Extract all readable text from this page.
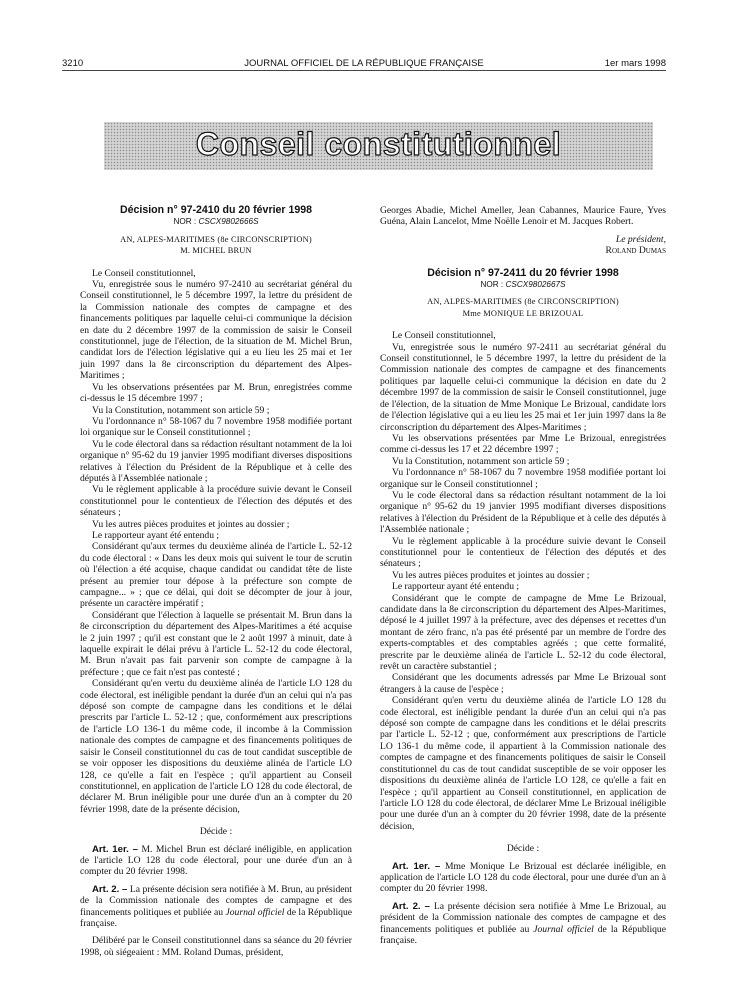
3210	JOURNAL OFFICIEL DE LA RÉPUBLIQUE FRANÇAISE	1er mars 1998
Conseil constitutionnel

Décision n° 97-2410 du 20 février 1998

NOR : CSCX9802666S

AN, ALPES-MARITIMES (8e CIRCONSCRIPTION)

M. MICHEL BRUN

Le Conseil constitutionnel,

Vu, enregistrée sous le numéro 97-2410 au secrétariat général du Conseil constitutionnel, le 5 décembre 1997, la lettre du président de la Commission nationale des comptes de campagne et des financements politiques par laquelle celui-ci communique la décision en date du 2 décembre 1997 de la commission de saisir le Conseil constitutionnel, juge de l'élection, de la situation de M. Michel Brun, candidat lors de l'élection législative qui a eu lieu les 25 mai et 1er juin 1997 dans la 8e circonscription du département des Alpes-Maritimes ;

Vu les observations présentées par M. Brun, enregistrées comme ci-dessus le 15 décembre 1997 ;

Vu la Constitution, notamment son article 59 ;

Vu l'ordonnance n° 58-1067 du 7 novembre 1958 modifiée portant loi organique sur le Conseil constitutionnel ;

Vu le code électoral dans sa rédaction résultant notamment de la loi organique n° 95-62 du 19 janvier 1995 modifiant diverses dispositions relatives à l'élection du Président de la République et à celle des députés à l'Assemblée nationale ;

Vu le règlement applicable à la procédure suivie devant le Conseil constitutionnel pour le contentieux de l'élection des députés et des sénateurs ;

Vu les autres pièces produites et jointes au dossier ;

Le rapporteur ayant été entendu ;

Considérant qu'aux termes du deuxième alinéa de l'article L. 52-12 du code électoral : « Dans les deux mois qui suivent le tour de scrutin où l'élection a été acquise, chaque candidat ou candidat tête de liste présent au premier tour dépose à la préfecture son compte de campagne... » ; que ce délai, qui doit se décompter de jour à jour, présente un caractère impératif ;

Considérant que l'élection à laquelle se présentait M. Brun dans la 8e circonscription du département des Alpes-Maritimes a été acquise le 2 juin 1997 ; qu'il est constant que le 2 août 1997 à minuit, date à laquelle expirait le délai prévu à l'article L. 52-12 du code électoral, M. Brun n'avait pas fait parvenir son compte de campagne à la préfecture ; que ce fait n'est pas contesté ;

Considérant qu'en vertu du deuxième alinéa de l'article LO 128 du code électoral, est inéligible pendant la durée d'un an celui qui n'a pas déposé son compte de campagne dans les conditions et le délai prescrits par l'article L. 52-12 ; que, conformément aux prescriptions de l'article LO 136-1 du même code, il incombe à la Commission nationale des comptes de campagne et des financements politiques de saisir le Conseil constitutionnel du cas de tout candidat susceptible de se voir opposer les dispositions du deuxième alinéa de l'article LO 128, ce qu'elle a fait en l'espèce ; qu'il appartient au Conseil constitutionnel, en application de l'article LO 128 du code électoral, de déclarer M. Brun inéligible pour une durée d'un an à compter du 20 février 1998, date de la présente décision,

Décide :

Art. 1er. – M. Michel Brun est déclaré inéligible, en application de l'article LO 128 du code électoral, pour une durée d'un an à compter du 20 février 1998.

Art. 2. – La présente décision sera notifiée à M. Brun, au président de la Commission nationale des comptes de campagne et des financements politiques et publiée au Journal officiel de la République française.

Délibéré par le Conseil constitutionnel dans sa séance du 20 février 1998, où siégeaient : MM. Roland Dumas, président,

Georges Abadie, Michel Ameller, Jean Cabannes, Maurice Faure, Yves Guéna, Alain Lancelot, Mme Noëlle Lenoir et M. Jacques Robert.

Le président,

Roland Dumas

Décision n° 97-2411 du 20 février 1998

NOR : CSCX9802667S

AN, ALPES-MARITIMES (8e CIRCONSCRIPTION)

Mme MONIQUE LE BRIZOUAL

Le Conseil constitutionnel,

Vu, enregistrée sous le numéro 97-2411 au secrétariat général du Conseil constitutionnel, le 5 décembre 1997, la lettre du président de la Commission nationale des comptes de campagne et des financements politiques par laquelle celui-ci communique la décision en date du 2 décembre 1997 de la commission de saisir le Conseil constitutionnel, juge de l'élection, de la situation de Mme Monique Le Brizoual, candidate lors de l'élection législative qui a eu lieu les 25 mai et 1er juin 1997 dans la 8e circonscription du département des Alpes-Maritimes ;

Vu les observations présentées par Mme Le Brizoual, enregistrées comme ci-dessus les 17 et 22 décembre 1997 ;

Vu la Constitution, notamment son article 59 ;

Vu l'ordonnance n° 58-1067 du 7 novembre 1958 modifiée portant loi organique sur le Conseil constitutionnel ;

Vu le code électoral dans sa rédaction résultant notamment de la loi organique n° 95-62 du 19 janvier 1995 modifiant diverses dispositions relatives à l'élection du Président de la République et à celle des députés à l'Assemblée nationale ;

Vu le règlement applicable à la procédure suivie devant le Conseil constitutionnel pour le contentieux de l'élection des députés et des sénateurs ;

Vu les autres pièces produites et jointes au dossier ;

Le rapporteur ayant été entendu ;

Considérant que le compte de campagne de Mme Le Brizoual, candidate dans la 8e circonscription du département des Alpes-Maritimes, déposé le 4 juillet 1997 à la préfecture, avec des dépenses et recettes d'un montant de zéro franc, n'a pas été présenté par un membre de l'ordre des experts-comptables et des comptables agréés ; que cette formalité, prescrite par le deuxième alinéa de l'article L. 52-12 du code électoral, revêt un caractère substantiel ;

Considérant que les documents adressés par Mme Le Brizoual sont étrangers à la cause de l'espèce ;

Considérant qu'en vertu du deuxième alinéa de l'article LO 128 du code électoral, est inéligible pendant la durée d'un an celui qui n'a pas déposé son compte de campagne dans les conditions et le délai prescrits par l'article L. 52-12 ; que, conformément aux prescriptions de l'article LO 136-1 du même code, il appartient à la Commission nationale des comptes de campagne et des financements politiques de saisir le Conseil constitutionnel du cas de tout candidat susceptible de se voir opposer les dispositions du deuxième alinéa de l'article LO 128, ce qu'elle a fait en l'espèce ; qu'il appartient au Conseil constitutionnel, en application de l'article LO 128 du code électoral, de déclarer Mme Le Brizoual inéligible pour une durée d'un an à compter du 20 février 1998, date de la présente décision,

Décide :

Art. 1er. – Mme Monique Le Brizoual est déclarée inéligible, en application de l'article LO 128 du code électoral, pour une durée d'un an à compter du 20 février 1998.

Art. 2. – La présente décision sera notifiée à Mme Le Brizoual, au président de la Commission nationale des comptes de campagne et des financements politiques et publiée au Journal officiel de la République française.
